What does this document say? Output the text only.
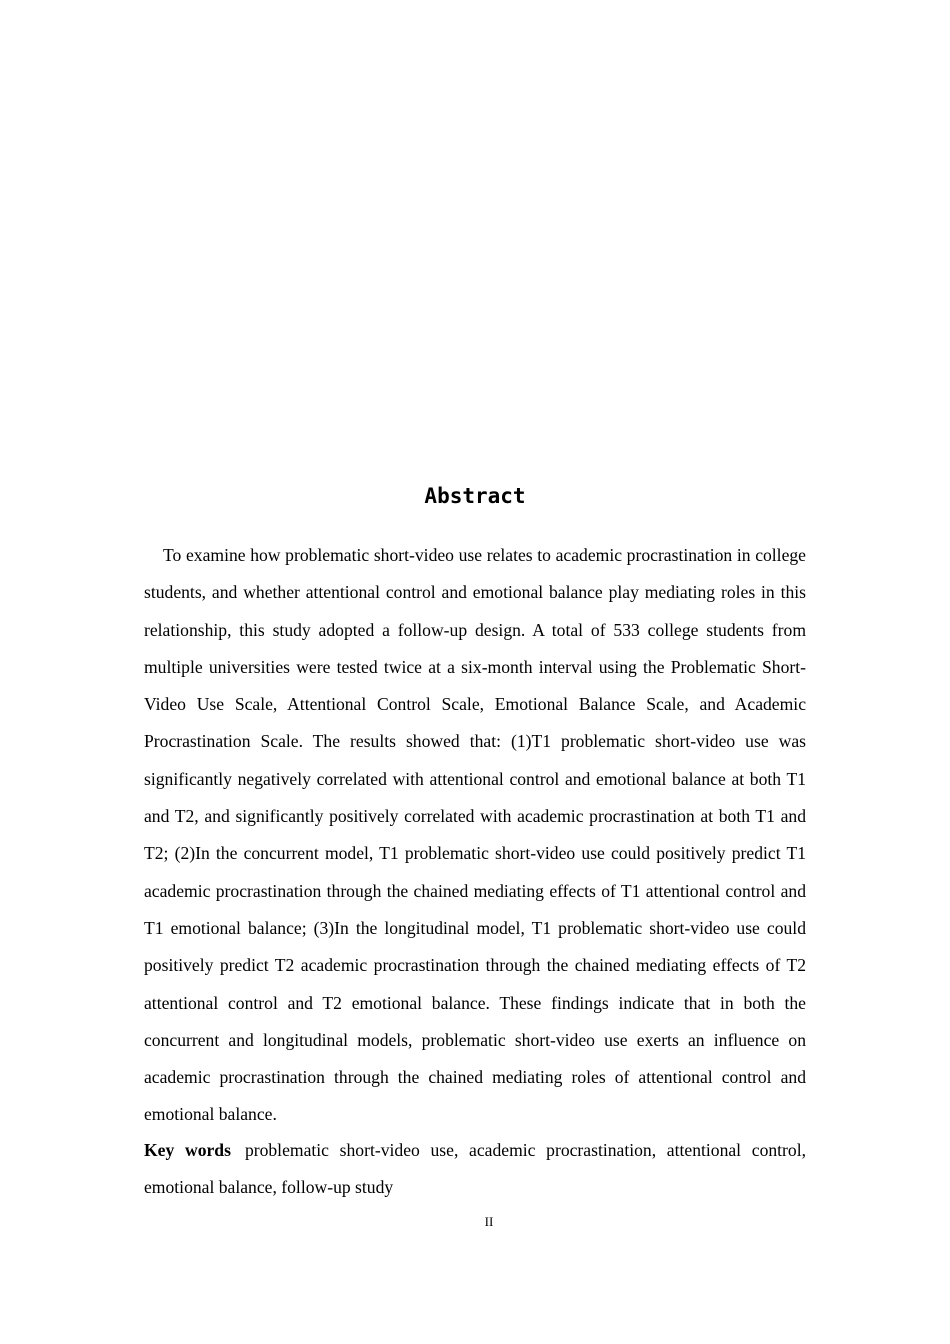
Abstract

To examine how problematic short-video use relates to academic procrastination in college students, and whether attentional control and emotional balance play mediating roles in this relationship, this study adopted a follow-up design. A total of 533 college students from multiple universities were tested twice at a six-month interval using the Problematic Short-Video Use Scale, Attentional Control Scale, Emotional Balance Scale, and Academic Procrastination Scale. The results showed that: (1)T1 problematic short-video use was significantly negatively correlated with attentional control and emotional balance at both T1 and T2, and significantly positively correlated with academic procrastination at both T1 and T2; (2)In the concurrent model, T1 problematic short-video use could positively predict T1 academic procrastination through the chained mediating effects of T1 attentional control and T1 emotional balance; (3)In the longitudinal model, T1 problematic short-video use could positively predict T2 academic procrastination through the chained mediating effects of T2 attentional control and T2 emotional balance. These findings indicate that in both the concurrent and longitudinal models, problematic short-video use exerts an influence on academic procrastination through the chained mediating roles of attentional control and emotional balance.

Key words problematic short-video use, academic procrastination, attentional control, emotional balance, follow-up study

II
